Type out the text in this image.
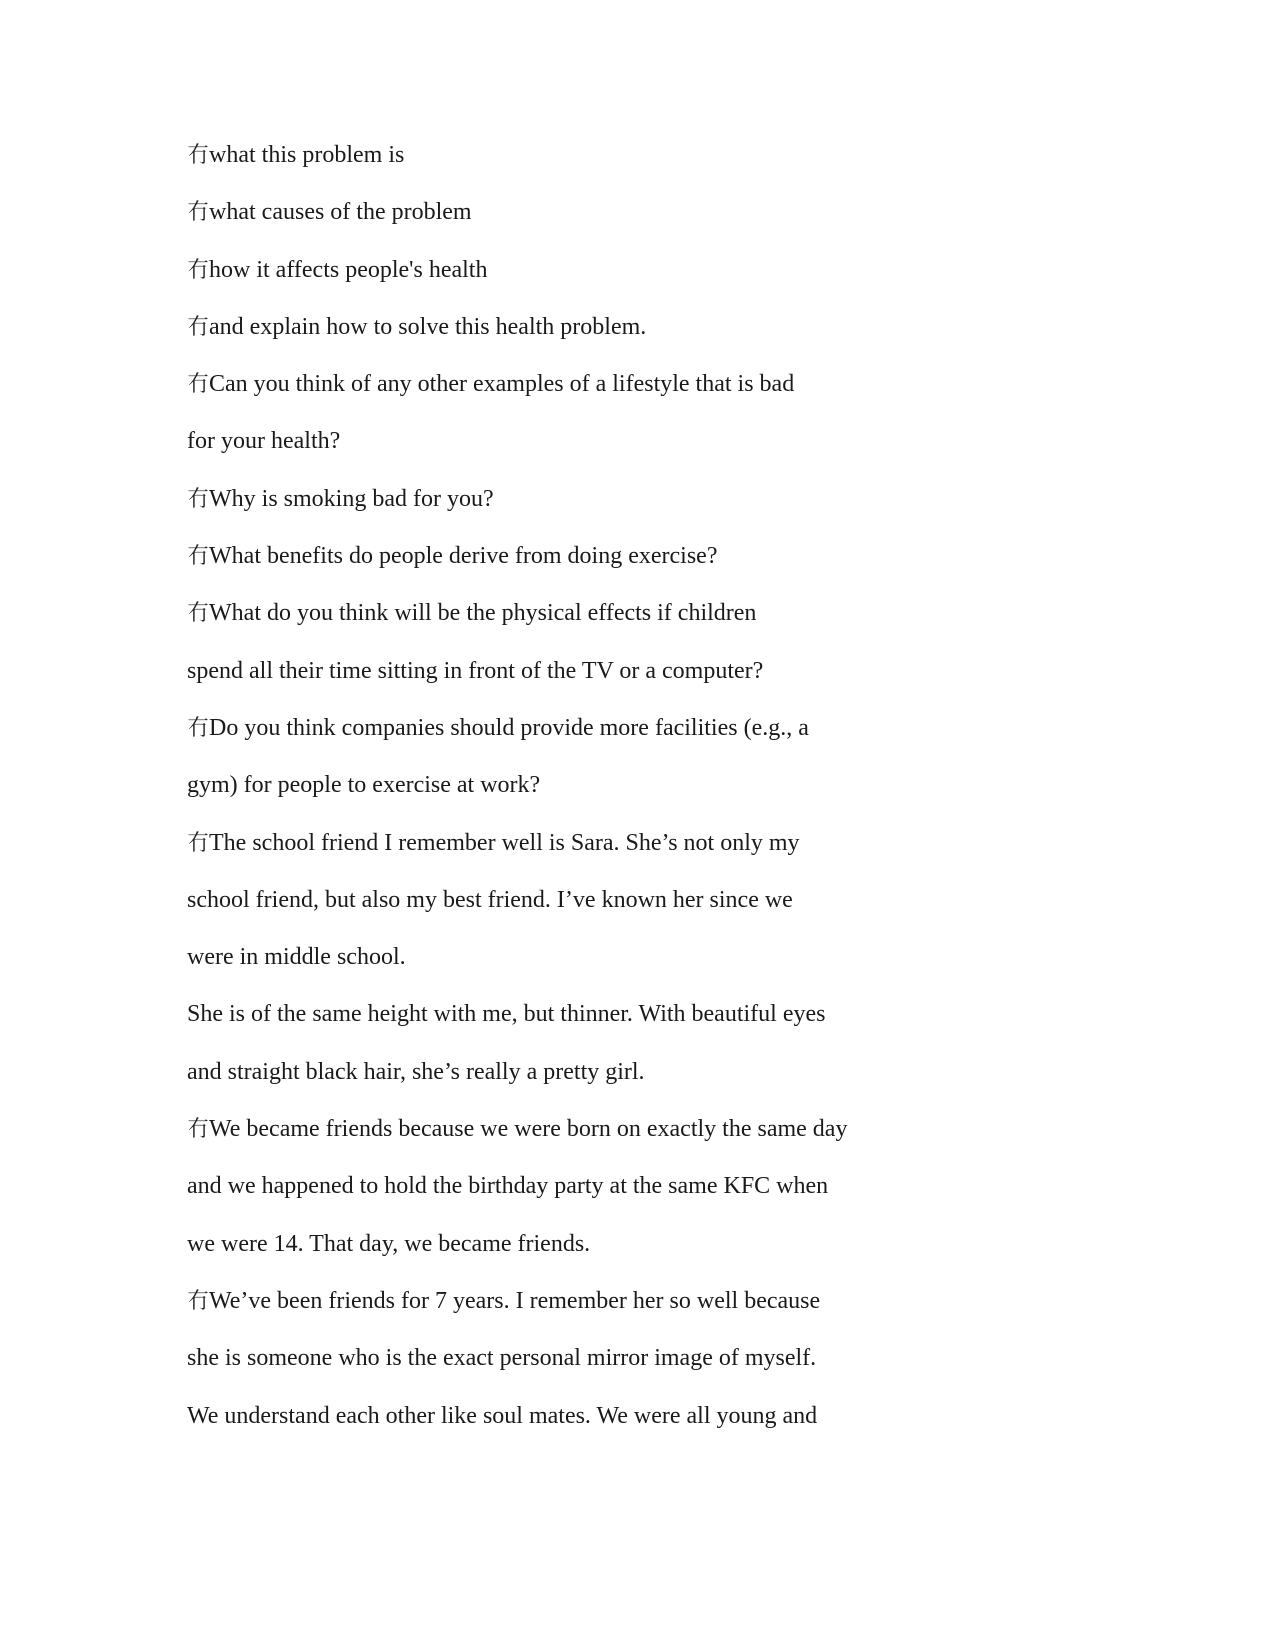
冇what this problem is
冇what causes of the problem
冇how it affects people's health
冇and explain how to solve this health problem.
冇Can you think of any other examples of a lifestyle that is bad
for your health?
冇Why is smoking bad for you?
冇What benefits do people derive from doing exercise?
冇What do you think will be the physical effects if children
spend all their time sitting in front of the TV or a computer?
冇Do you think companies should provide more facilities (e.g., a
gym) for people to exercise at work?
冇The school friend I remember well is Sara. She’s not only my
school friend, but also my best friend. I’ve known her since we
were in middle school.
She is of the same height with me, but thinner. With beautiful eyes
and straight black hair, she’s really a pretty girl.
冇We became friends because we were born on exactly the same day
and we happened to hold the birthday party at the same KFC when
we were 14. That day, we became friends.
冇We’ve been friends for 7 years. I remember her so well because
she is someone who is the exact personal mirror image of myself.
We understand each other like soul mates. We were all young and
